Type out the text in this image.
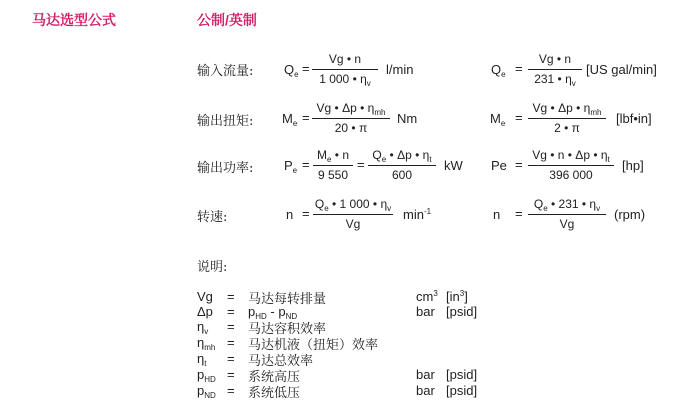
马达选型公式	公制/英制
输入流量: $Q_e$ =
Vg • n
1 000 • $\eta_v$
l/min	$Q_e$ =
Vg • n
231 • $\eta_v$
[US gal/min]
输出扭矩: $M_e$ =
Vg • Δp • $\eta_{mh}$
20 • π
Nm	$M_e$ =
Vg • Δp • $\eta_{mh}$
2 • π
[lbf•in]
输出功率: $P_e$ =
$M_e$ • n
9 550
=
$Q_e$ • Δp • $\eta_t$
600
kW Pe =
Vg • n • Δp • $\eta_t$
396 000
[hp]
转速:	n =
$Q_e$ • 1 000 • $\eta_v$
Vg
$\min^{-1}$	n =
$Q_e$ • 231 • $\eta_v$
Vg
(rpm)
说明:
Vg = 马达每转排量	$cm^3$ $[in^3]$
$\Delta p = p_{HD} - p_{ND}$	bar [psid]
$\eta_v$ = 马达容积效率
$\eta_{mh}$ = 马达机液（扭矩）效率
$\eta_t$ = 马达总效率
$p_{HD}$ = 系统高压	bar [psid]
$p_{ND}$ = 系统低压	bar [psid]
